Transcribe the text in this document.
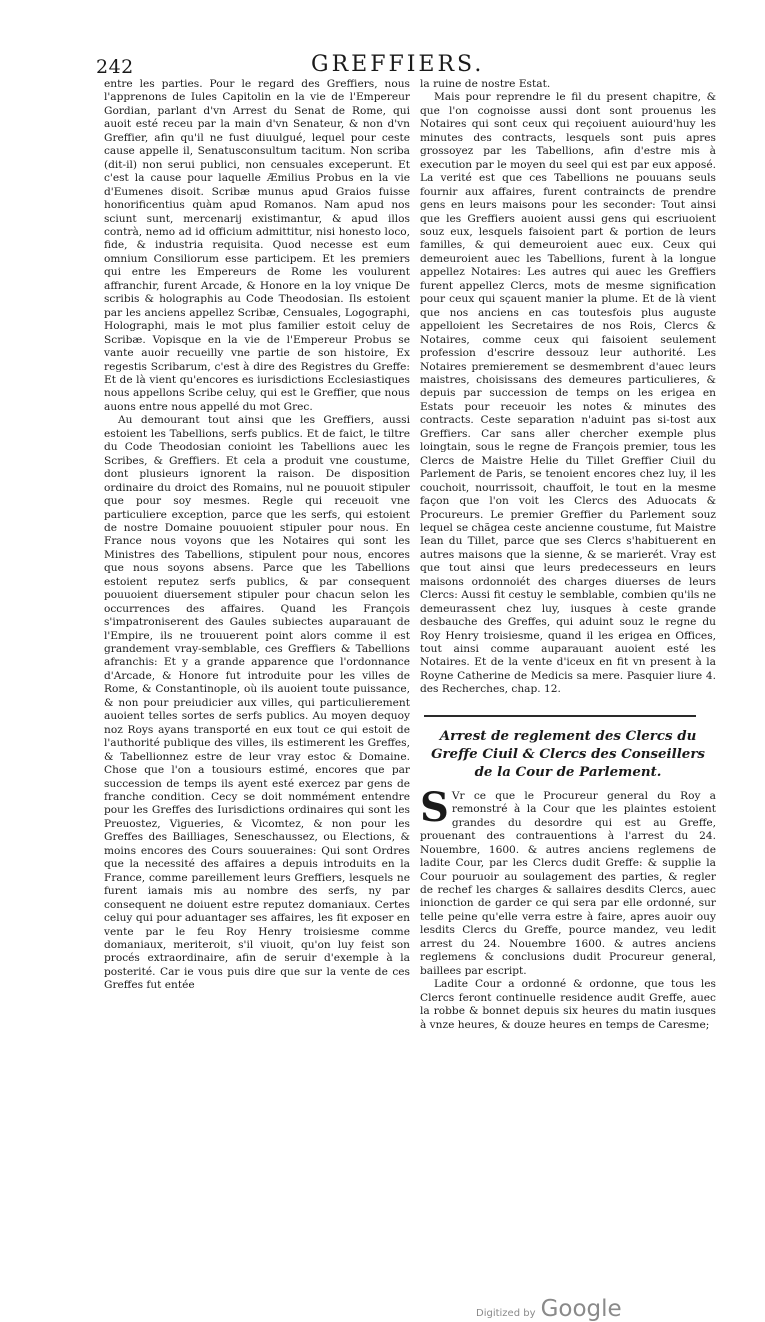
242	GREFFIERS.

entre les parties. Pour le regard des Greffiers, nous l'apprenons de Iules Capitolin en la vie de l'Empereur Gordian, parlant d'vn Arrest du Senat de Rome, qui auoit esté receu par la main d'vn Senateur, & non d'vn Greffier, afin qu'il ne fust diuulgué, lequel pour ceste cause appelle il, Senatusconsultum tacitum. Non scriba (dit-il) non serui publici, non censuales exceperunt. Et c'est la cause pour laquelle Æmilius Probus en la vie d'Eumenes disoit. Scribæ munus apud Graios fuisse honorificentius quàm apud Romanos. Nam apud nos sciunt sunt, mercenarij existimantur, & apud illos contrà, nemo ad id officium admittitur, nisi honesto loco, fide, & industria requisita. Quod necesse est eum omnium Consiliorum esse participem. Et les premiers qui entre les Empereurs de Rome les voulurent affranchir, furent Arcade, & Honore en la loy vnique De scribis & holographis au Code Theodosian. Ils estoient par les anciens appellez Scribæ, Censuales, Logographi, Holographi, mais le mot plus familier estoit celuy de Scribæ. Vopisque en la vie de l'Empereur Probus se vante auoir recueilly vne partie de son histoire, Ex regestis Scribarum, c'est à dire des Registres du Greffe: Et de là vient qu'encores es iurisdictions Ecclesiastiques nous appellons Scribe celuy, qui est le Greffier, que nous auons entre nous appellé du mot Grec.

Au demourant tout ainsi que les Greffiers, aussi estoient les Tabellions, serfs publics. Et de faict, le tiltre du Code Theodosian conioint les Tabellions auec les Scribes, & Greffiers. Et cela a produit vne coustume, dont plusieurs ignorent la raison. De disposition ordinaire du droict des Romains, nul ne pouuoit stipuler que pour soy mesmes. Regle qui receuoit vne particuliere exception, parce que les serfs, qui estoient de nostre Domaine pouuoient stipuler pour nous. En France nous voyons que les Notaires qui sont les Ministres des Tabellions, stipulent pour nous, encores que nous soyons absens. Parce que les Tabellions estoient reputez serfs publics, & par consequent pouuoient diuersement stipuler pour chacun selon les occurrences des affaires. Quand les François s'impatroniserent des Gaules subiectes auparauant de l'Empire, ils ne trouuerent point alors comme il est grandement vray-semblable, ces Greffiers & Tabellions afranchis: Et y a grande apparence que l'ordonnance d'Arcade, & Honore fut introduite pour les villes de Rome, & Constantinople, où ils auoient toute puissance, & non pour preiudicier aux villes, qui particulierement auoient telles sortes de serfs publics. Au moyen dequoy noz Roys ayans transporté en eux tout ce qui estoit de l'authorité publique des villes, ils estimerent les Greffes, & Tabellionnez estre de leur vray estoc & Domaine. Chose que l'on a tousiours estimé, encores que par succession de temps ils ayent esté exercez par gens de franche condition. Cecy se doit nommément entendre pour les Greffes des Iurisdictions ordinaires qui sont les Preuostez, Vigueries, & Vicomtez, & non pour les Greffes des Bailliages, Seneschaussez, ou Elections, & moins encores des Cours souueraines: Qui sont Ordres que la necessité des affaires a depuis introduits en la France, comme pareillement leurs Greffiers, lesquels ne furent iamais mis au nombre des serfs, ny par consequent ne doiuent estre reputez domaniaux. Certes celuy qui pour aduantager ses affaires, les fit exposer en vente par le feu Roy Henry troisiesme comme domaniaux, meriteroit, s'il viuoit, qu'on luy feist son procés extraordinaire, afin de seruir d'exemple à la posterité. Car ie vous puis dire que sur la vente de ces Greffes fut entée

la ruine de nostre Estat.

Mais pour reprendre le fil du present chapitre, & que l'on cognoisse aussi dont sont prouenus les Notaires qui sont ceux qui reçoiuent auiourd'huy les minutes des contracts, lesquels sont puis apres grossoyez par les Tabellions, afin d'estre mis à execution par le moyen du seel qui est par eux apposé. La verité est que ces Tabellions ne pouuans seuls fournir aux affaires, furent contraincts de prendre gens en leurs maisons pour les seconder: Tout ainsi que les Greffiers auoient aussi gens qui escriuoient souz eux, lesquels faisoient part & portion de leurs familles, & qui demeuroient auec eux. Ceux qui demeuroient auec les Tabellions, furent à la longue appellez Notaires: Les autres qui auec les Greffiers furent appellez Clercs, mots de mesme signification pour ceux qui sçauent manier la plume. Et de là vient que nos anciens en cas toutesfois plus auguste appelloient les Secretaires de nos Rois, Clercs & Notaires, comme ceux qui faisoient seulement profession d'escrire dessouz leur authorité. Les Notaires premierement se desmembrent d'auec leurs maistres, choisissans des demeures particulieres, & depuis par succession de temps on les erigea en Estats pour receuoir les notes & minutes des contracts. Ceste separation n'aduint pas si-tost aux Greffiers. Car sans aller chercher exemple plus loingtain, sous le regne de François premier, tous les Clercs de Maistre Helie du Tillet Greffier Ciuil du Parlement de Paris, se tenoient encores chez luy, il les couchoit, nourrissoit, chauffoit, le tout en la mesme façon que l'on voit les Clercs des Aduocats & Procureurs. Le premier Greffier du Parlement souz lequel se chãgea ceste ancienne coustume, fut Maistre Iean du Tillet, parce que ses Clercs s'habituerent en autres maisons que la sienne, & se marierét. Vray est que tout ainsi que leurs predecesseurs en leurs maisons ordonnoiét des charges diuerses de leurs Clercs: Aussi fit cestuy le semblable, combien qu'ils ne demeurassent chez luy, iusques à ceste grande desbauche des Greffes, qui aduint souz le regne du Roy Henry troisiesme, quand il les erigea en Offices, tout ainsi comme auparauant auoient esté les Notaires. Et de la vente d'iceux en fit vn present à la Royne Catherine de Medicis sa mere. Pasquier liure 4. des Recherches, chap. 12.

Arrest de reglement des Clercs du Greffe Ciuil & Clercs des Conseillers de la Cour de Parlement.

S Vr ce que le Procureur general du Roy a remonstré à la Cour que les plaintes estoient grandes du desordre qui est au Greffe, prouenant des contrauentions à l'arrest du 24. Nouembre, 1600. & autres anciens reglemens de ladite Cour, par les Clercs dudit Greffe: & supplie la Cour pouruoir au soulagement des parties, & regler de rechef les charges & sallaires desdits Clercs, auec inionction de garder ce qui sera par elle ordonné, sur telle peine qu'elle verra estre à faire, apres auoir ouy lesdits Clercs du Greffe, pource mandez, veu ledit arrest du 24. Nouembre 1600. & autres anciens reglemens & conclusions dudit Procureur general, baillees par escript.

Ladite Cour a ordonné & ordonne, que tous les Clercs feront continuelle residence audit Greffe, auec la robbe & bonnet depuis six heures du matin iusques à vnze heures, & douze heures en temps de Caresme;

Digitized by Google
